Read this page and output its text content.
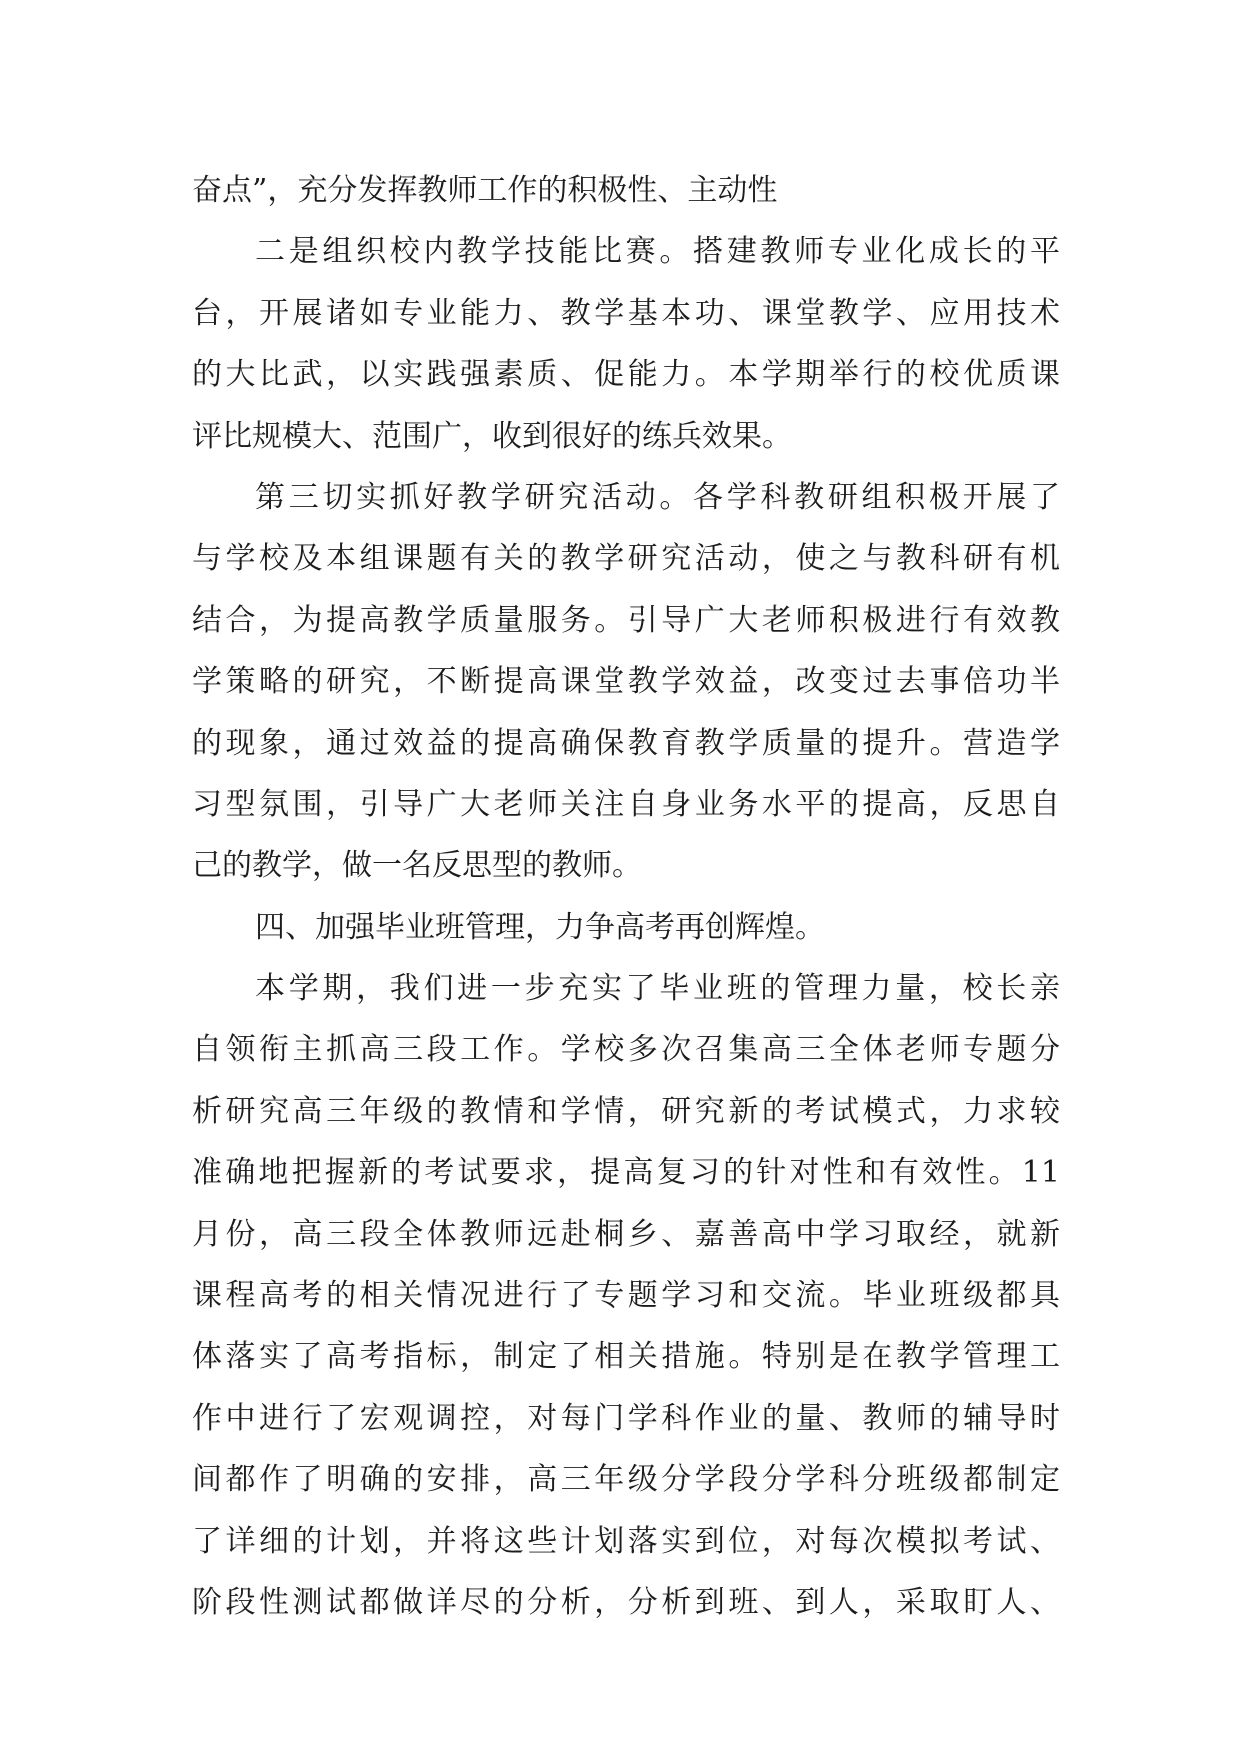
奋点”，充分发挥教师工作的积极性、主动性
二是组织校内教学技能比赛。搭建教师专业化成长的平
台，开展诸如专业能力、教学基本功、课堂教学、应用技术
的大比武，以实践强素质、促能力。本学期举行的校优质课
评比规模大、范围广，收到很好的练兵效果。
第三切实抓好教学研究活动。各学科教研组积极开展了
与学校及本组课题有关的教学研究活动，使之与教科研有机
结合，为提高教学质量服务。引导广大老师积极进行有效教
学策略的研究，不断提高课堂教学效益，改变过去事倍功半
的现象，通过效益的提高确保教育教学质量的提升。营造学
习型氛围，引导广大老师关注自身业务水平的提高，反思自
己的教学，做一名反思型的教师。
四、加强毕业班管理，力争高考再创辉煌。
本学期，我们进一步充实了毕业班的管理力量，校长亲
自领衔主抓高三段工作。学校多次召集高三全体老师专题分
析研究高三年级的教情和学情，研究新的考试模式，力求较
准确地把握新的考试要求，提高复习的针对性和有效性。11
月份，高三段全体教师远赴桐乡、嘉善高中学习取经，就新
课程高考的相关情况进行了专题学习和交流。毕业班级都具
体落实了高考指标，制定了相关措施。特别是在教学管理工
作中进行了宏观调控，对每门学科作业的量、教师的辅导时
间都作了明确的安排，高三年级分学段分学科分班级都制定
了详细的计划，并将这些计划落实到位，对每次模拟考试、
阶段性测试都做详尽的分析，分析到班、到人，采取盯人、
